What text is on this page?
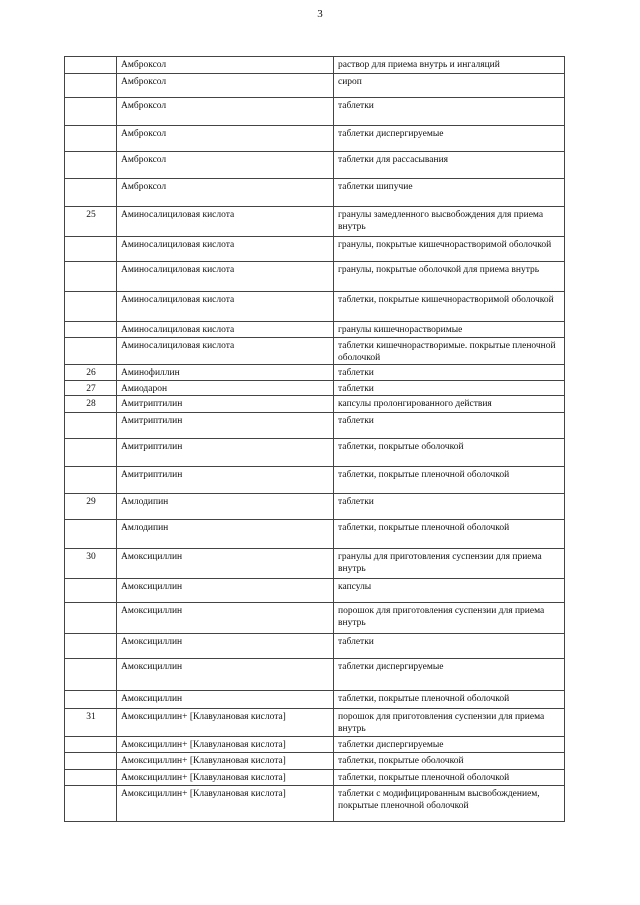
3
	Амброксол	раствор для приема внутрь и ингаляций
	Амброксол	сироп
	Амброксол	таблетки
	Амброксол	таблетки диспергируемые
	Амброксол	таблетки для рассасывания
	Амброксол	таблетки шипучие
25	Аминосалициловая кислота	гранулы замедленного высвобождения для приема внутрь
	Аминосалициловая кислота	гранулы, покрытые кишечнорастворимой оболочкой
	Аминосалициловая кислота	гранулы, покрытые оболочкой для приема внутрь
	Аминосалициловая кислота	таблетки, покрытые кишечнорастворимой оболочкой
	Аминосалициловая кислота	гранулы кишечнорастворимые
	Аминосалициловая кислота	таблетки кишечнорастворимые. покрытые пленочной оболочкой
26	Аминофиллин	таблетки
27	Амиодарон	таблетки
28	Амитриптилин	капсулы пролонгированного действия
	Амитриптилин	таблетки
	Амитриптилин	таблетки, покрытые оболочкой
	Амитриптилин	таблетки, покрытые пленочной оболочкой
29	Амлодипин	таблетки
	Амлодипин	таблетки, покрытые пленочной оболочкой
30	Амоксициллин	гранулы для приготовления суспензии для приема внутрь
	Амоксициллин	капсулы
	Амоксициллин	порошок для приготовления суспензии для приема внутрь
	Амоксициллин	таблетки
	Амоксициллин	таблетки диспергируемые
	Амоксициллин	таблетки, покрытые пленочной оболочкой
31	Амоксициллин+ [Клавулановая кислота]	порошок для приготовления суспензии для приема внутрь
	Амоксициллин+ [Клавулановая кислота]	таблетки диспергируемые
	Амоксициллин+ [Клавулановая кислота]	таблетки, покрытые оболочкой
	Амоксициллин+ [Клавулановая кислота]	таблетки, покрытые пленочной оболочкой
	Амоксициллин+ [Клавулановая кислота]	таблетки с модифицированным высвобождением, покрытые пленочной оболочкой
